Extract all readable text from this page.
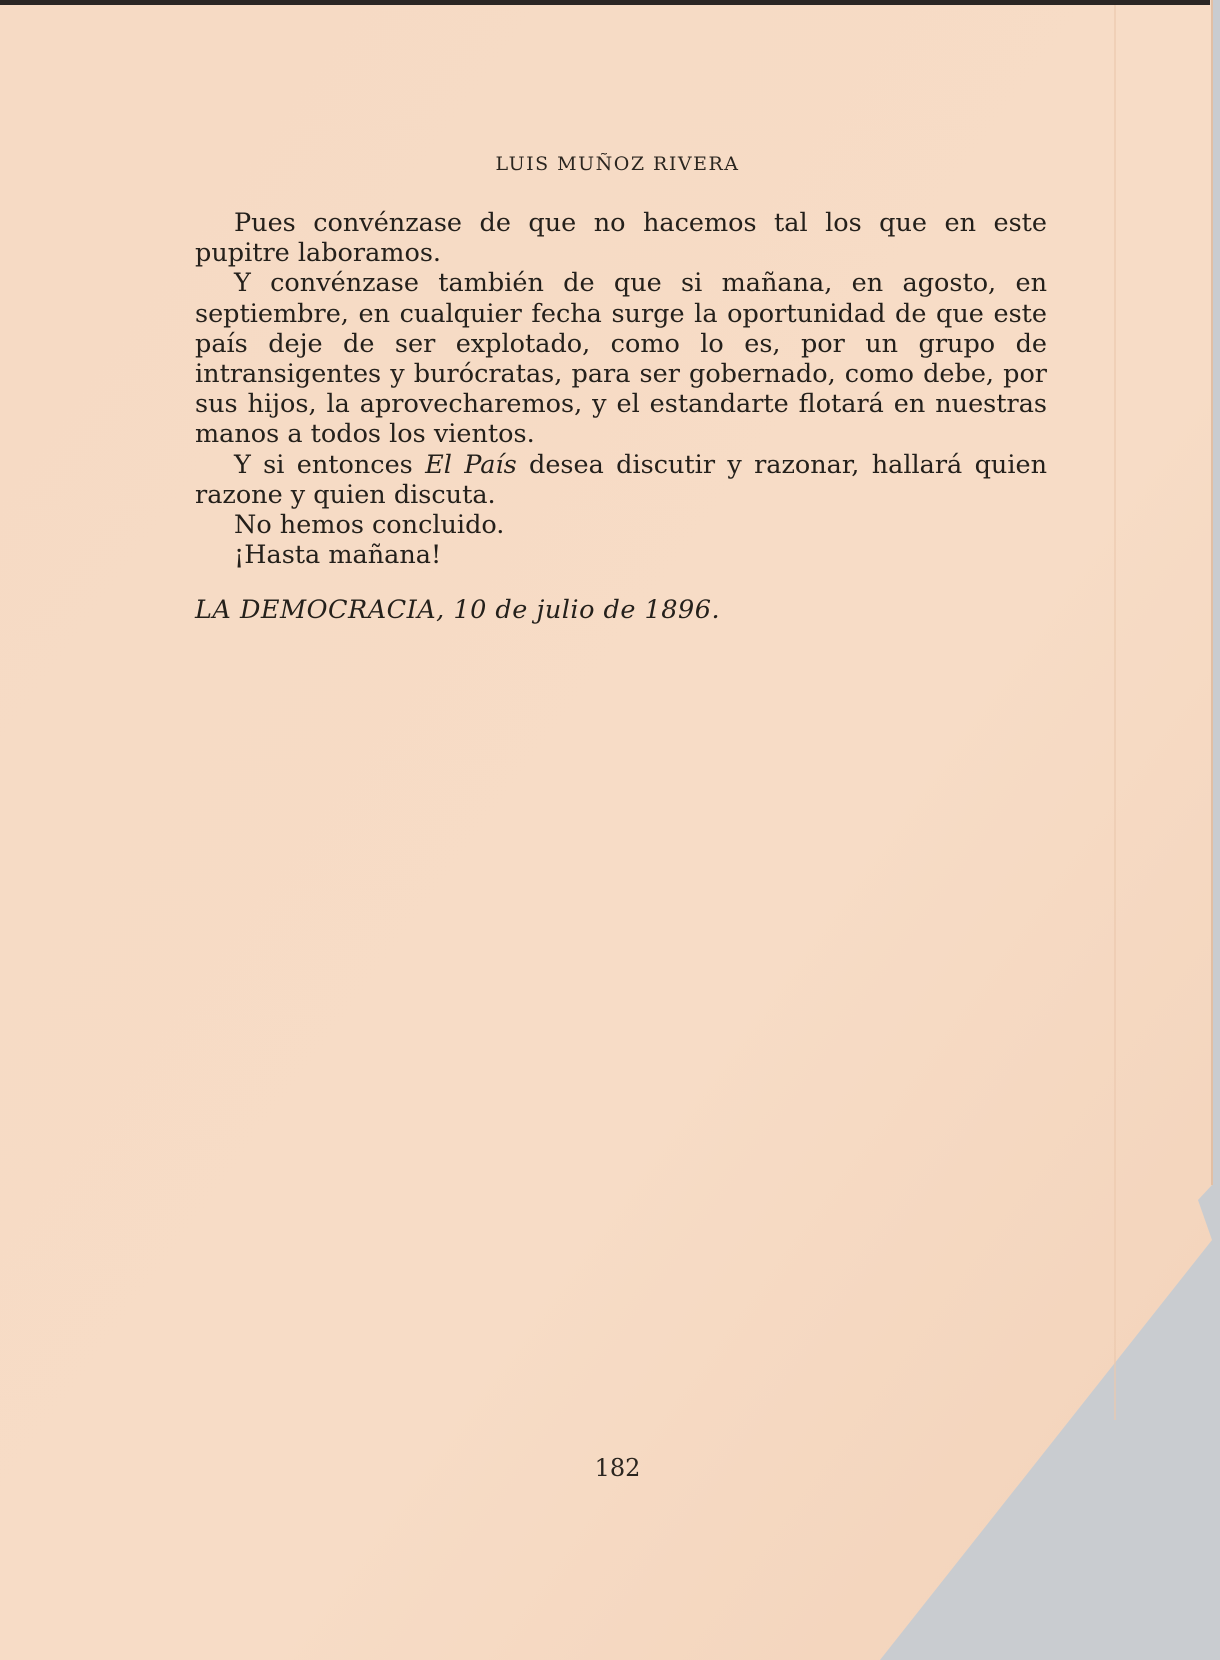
LUIS MUÑOZ RIVERA

Pues convénzase de que no hacemos tal los que en este pupitre laboramos.

Y convénzase también de que si mañana, en agosto, en septiembre, en cualquier fecha surge la oportunidad de que este país deje de ser explotado, como lo es, por un grupo de intransigentes y burócratas, para ser gobernado, como debe, por sus hijos, la aprovecharemos, y el estandarte flotará en nuestras manos a todos los vientos.

Y si entonces El País desea discutir y razonar, hallará quien razone y quien discuta.

No hemos concluido.

¡Hasta mañana!

LA DEMOCRACIA, 10 de julio de 1896.
182
